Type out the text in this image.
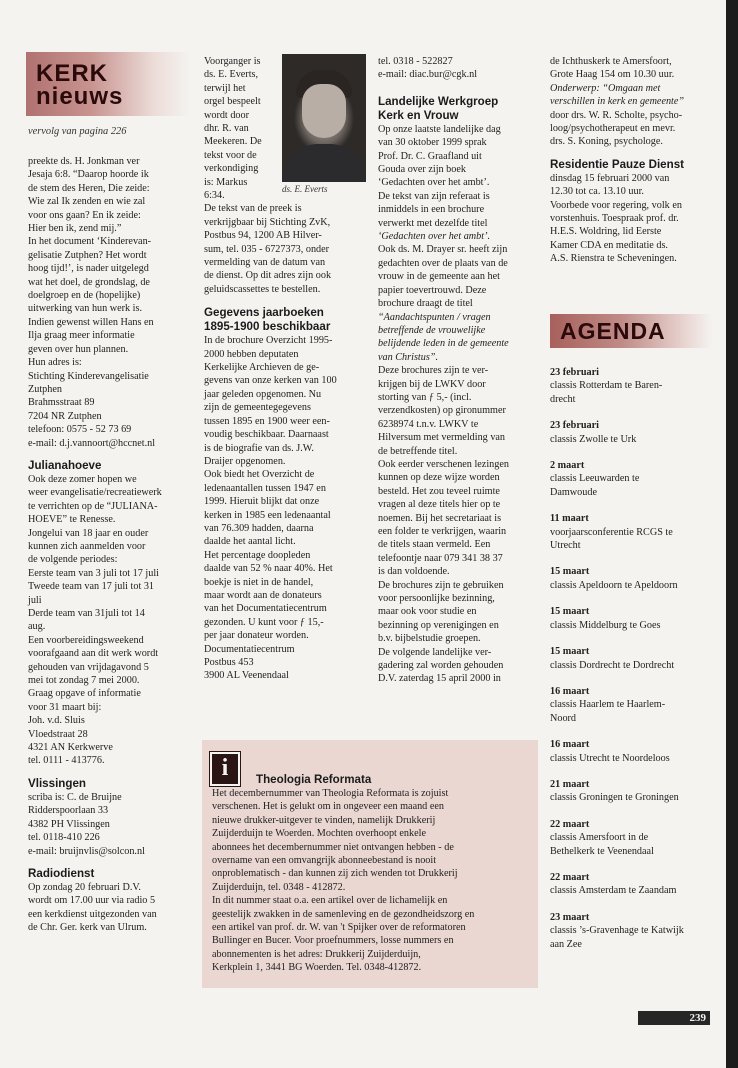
KERK
nieuws
vervolg van pagina 226

preekte ds. H. Jonkman ver

Jesaja 6:8. “Daarop hoorde ik

de stem des Heren, Die zeide:

Wie zal Ik zenden en wie zal

voor ons gaan? En ik zeide:

Hier ben ik, zend mij.”

In het document ‘Kinderevan-

gelisatie Zutphen? Het wordt

hoog tijd!’, is nader uitgelegd

wat het doel, de grondslag, de

doelgroep en de (hopelijke)

uitwerking van hun werk is.

Indien gewenst willen Hans en

Ilja graag meer informatie

geven over hun plannen.

Hun adres is:

Stichting Kinderevangelisatie

Zutphen

Brahmsstraat 89

7204 NR Zutphen

telefoon: 0575 - 52 73 69

e-mail: d.j.vannoort@hccnet.nl

Julianahoeve

Ook deze zomer hopen we

weer evangelisatie/recreatiewerk

te verrichten op de “JULIANA-

HOEVE” te Renesse.

Jongelui van 18 jaar en ouder

kunnen zich aanmelden voor

de volgende periodes:

Eerste team van 3 juli tot 17 juli

Tweede team van 17 juli tot 31

juli

Derde team van 31juli tot 14

aug.

Een voorbereidingsweekend

voorafgaand aan dit werk wordt

gehouden van vrijdagavond 5

mei tot zondag 7 mei 2000.

Graag opgave of informatie

voor 31 maart bij:

Joh. v.d. Sluis

Vloedstraat 28

4321 AN Kerkwerve

tel. 0111 - 413776.

Vlissingen

scriba is: C. de Bruijne

Ridderspoorlaan 33

4382 PH Vlissingen

tel. 0118-410 226

e-mail: bruijnvlis@solcon.nl

Radiodienst

Op zondag 20 februari D.V.

wordt om 17.00 uur via radio 5

een kerkdienst uitgezonden van

de Chr. Ger. kerk van Ulrum.

ds. E. Everts

Voorganger is

ds. E. Everts,

terwijl het

orgel bespeelt

wordt door

dhr. R. van

Meekeren. De

tekst voor de

verkondiging

is: Markus

6:34.

De tekst van de preek is

verkrijgbaar bij Stichting ZvK,

Postbus 94, 1200 AB Hilver-

sum, tel. 035 - 6727373, onder

vermelding van de datum van

de dienst. Op dit adres zijn ook

geluidscassettes te bestellen.

Gegevens jaarboeken

1895-1900 beschikbaar

In de brochure Overzicht 1995-

2000 hebben deputaten

Kerkelijke Archieven de ge-

gevens van onze kerken van 100

jaar geleden opgenomen. Nu

zijn de gemeentegegevens

tussen 1895 en 1900 weer een-

voudig beschikbaar. Daarnaast

is de biografie van ds. J.W.

Draijer opgenomen.

Ook biedt het Overzicht de

ledenaantallen tussen 1947 en

1999. Hieruit blijkt dat onze

kerken in 1985 een ledenaantal

van 76.309 hadden, daarna

daalde het aantal licht.

Het percentage doopleden

daalde van 52 % naar 40%. Het

boekje is niet in de handel,

maar wordt aan de donateurs

van het Documentatiecentrum

gezonden. U kunt voor ƒ 15,-

per jaar donateur worden.

Documentatiecentrum

Postbus 453

3900 AL Veenendaal

tel. 0318 - 522827

e-mail: diac.bur@cgk.nl

Landelijke Werkgroep

Kerk en Vrouw

Op onze laatste landelijke dag

van 30 oktober 1999 sprak

Prof. Dr. C. Graafland uit

Gouda over zijn boek

‘Gedachten over het ambt’.

De tekst van zijn referaat is

inmiddels in een brochure

verwerkt met dezelfde titel

‘Gedachten over het ambt’.

Ook ds. M. Drayer sr. heeft zijn

gedachten over de plaats van de

vrouw in de gemeente aan het

papier toevertrouwd. Deze

brochure draagt de titel

“Aandachtspunten / vragen

betreffende de vrouwelijke

belijdende leden in de gemeente

van Christus”.

Deze brochures zijn te ver-

krijgen bij de LWKV door

storting van ƒ 5,- (incl.

verzendkosten) op gironummer

6238974 t.n.v. LWKV te

Hilversum met vermelding van

de betreffende titel.

Ook eerder verschenen lezingen

kunnen op deze wijze worden

besteld. Het zou teveel ruimte

vragen al deze titels hier op te

noemen. Bij het secretariaat is

een folder te verkrijgen, waarin

de titels staan vermeld. Een

telefoontje naar 079 341 38 37

is dan voldoende.

De brochures zijn te gebruiken

voor persoonlijke bezinning,

maar ook voor studie en

bezinning op verenigingen en

b.v. bijbelstudie groepen.

De volgende landelijke ver-

gadering zal worden gehouden

D.V. zaterdag 15 april 2000 in

de Ichthuskerk te Amersfoort,

Grote Haag 154 om 10.30 uur.

Onderwerp: “Omgaan met

verschillen in kerk en gemeente”

door drs. W. R. Scholte, psycho-

loog/psychotherapeut en mevr.

drs. S. Koning, psychologe.

Residentie Pauze Dienst

dinsdag 15 februari 2000 van

12.30 tot ca. 13.10 uur.

Voorbede voor regering, volk en

vorstenhuis. Toespraak prof. dr.

H.E.S. Woldring, lid Eerste

Kamer CDA en meditatie ds.

A.S. Rienstra te Scheveningen.

AGENDA

23 februari

classis Rotterdam te Baren-

drecht

23 februari

classis Zwolle te Urk

2 maart

classis Leeuwarden te

Damwoude

11 maart

voorjaarsconferentie RCGS te

Utrecht

15 maart

classis Apeldoorn te Apeldoorn

15 maart

classis Middelburg te Goes

15 maart

classis Dordrecht te Dordrecht

16 maart

classis Haarlem te Haarlem-

Noord

16 maart

classis Utrecht te Noordeloos

21 maart

classis Groningen te Groningen

22 maart

classis Amersfoort in de

Bethelkerk te Veenendaal

22 maart

classis Amsterdam te Zaandam

23 maart

classis ’s-Gravenhage te Katwijk

aan Zee

i	Theologia Reformata

Het decembernummer van Theologia Reformata is zojuist

verschenen. Het is gelukt om in ongeveer een maand een

nieuwe drukker-uitgever te vinden, namelijk Drukkerij

Zuijderduijn te Woerden. Mochten overhoopt enkele

abonnees het decembernummer niet ontvangen hebben - de

overname van een omvangrijk abonneebestand is nooit

onproblematisch - dan kunnen zij zich wenden tot Drukkerij

Zuijderduijn, tel. 0348 - 412872.

In dit nummer staat o.a. een artikel over de lichamelijk en

geestelijk zwakken in de samenleving en de gezondheidszorg en

een artikel van prof. dr. W. van 't Spijker over de reformatoren

Bullinger en Bucer. Voor proefnummers, losse nummers en

abonnementen is het adres: Drukkerij Zuijderduijn,

Kerkplein 1, 3441 BG Woerden. Tel. 0348-412872.

239
